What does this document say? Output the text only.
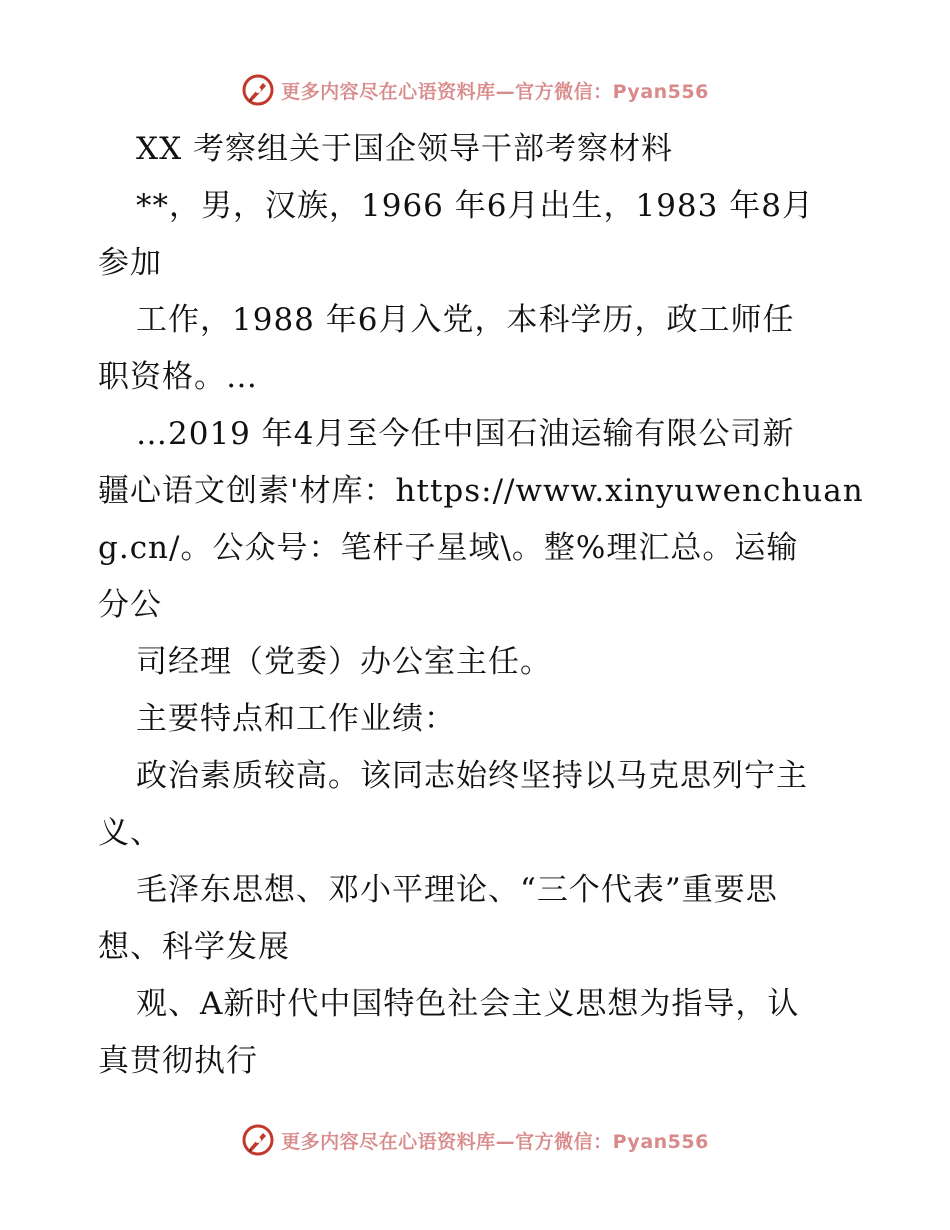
更多内容尽在心语资料库—官方微信：Pyan556
XX 考察组关于国企领导干部考察材料
**，男，汉族，1966 年6月出生，1983 年8月
参加
工作，1988 年6月入党，本科学历，政工师任
职资格。…
…2019 年4月至今任中国石油运输有限公司新
疆心语文创素'材库：https://www.xinyuwenchuan
g.cn/。公众号：笔杆子星域\。整%理汇总。运输
分公
司经理（党委）办公室主任。
主要特点和工作业绩：
政治素质较高。该同志始终坚持以马克思列宁主
义、
毛泽东思想、邓小平理论、“三个代表”重要思
想、科学发展
观、A新时代中国特色社会主义思想为指导，认
真贯彻执行
更多内容尽在心语资料库—官方微信：Pyan556
